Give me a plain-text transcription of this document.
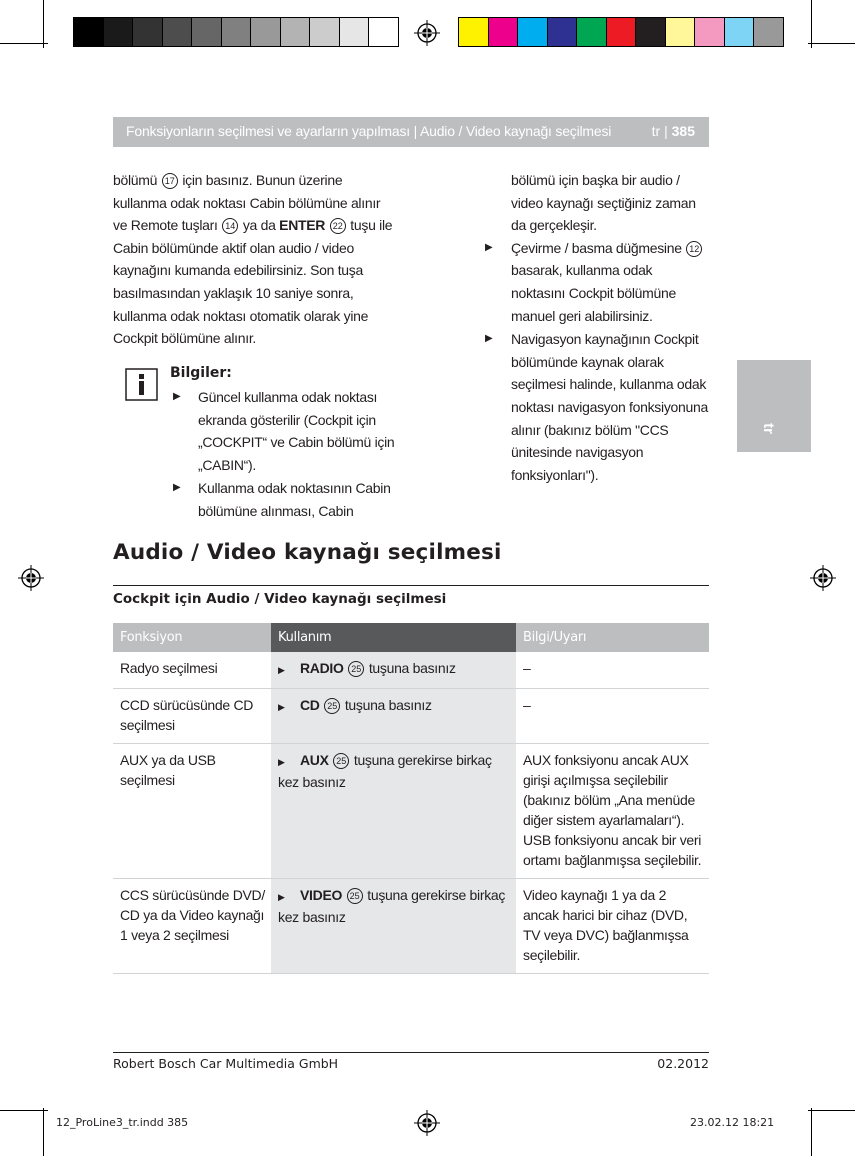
Fonksiyonların seçilmesi ve ayarların yapılması | Audio / Video kaynağı seçilmesi	tr | 385
bölümü 17 için basınız. Bunun üzerine
kullanma odak noktası Cabin bölümüne alınır
ve Remote tuşları 14 ya da ENTER 22 tuşu ile
Cabin bölümünde aktif olan audio / video
kaynağını kumanda edebilirsiniz. Son tuşa
basılmasından yaklaşık 10 saniye sonra,
kullanma odak noktası otomatik olarak yine
Cockpit bölümüne alınır.
Bilgiler:
▶ Güncel kullanma odak noktası
ekranda gösterilir (Cockpit için
„COCKPIT“ ve Cabin bölümü için
„CABIN“).
▶ Kullanma odak noktasının Cabin
bölümüne alınması, Cabin
bölümü için başka bir audio /
video kaynağı seçtiğiniz zaman
da gerçekleşir.
▶ Çevirme / basma düğmesine 12
basarak, kullanma odak
noktasını Cockpit bölümüne
manuel geri alabilirsiniz.
▶ Navigasyon kaynağının Cockpit
bölümünde kaynak olarak
seçilmesi halinde, kullanma odak
noktası navigasyon fonksiyonuna
alınır (bakınız bölüm "CCS
ünitesinde navigasyon
fonksiyonları").
tr
Audio / Video kaynağı seçilmesi
Cockpit için Audio / Video kaynağı seçilmesi
Fonksiyon	Kullanım	Bilgi/Uyarı
Radyo seçilmesi	▶ RADIO 25 tuşuna basınız	–
CCD sürücüsünde CD seçilmesi	▶ CD 25 tuşuna basınız	–
AUX ya da USB seçilmesi	▶ AUX 25 tuşuna gerekirse birkaç kez basınız	AUX fonksiyonu ancak AUX girişi açılmışsa seçilebilir (bakınız bölüm „Ana menüde diğer sistem ayarlamaları“). USB fonksiyonu ancak bir veri ortamı bağlanmışsa seçilebilir.
CCS sürücüsünde DVD/ CD ya da Video kaynağı 1 veya 2 seçilmesi	▶ VIDEO 25 tuşuna gerekirse birkaç kez basınız	Video kaynağı 1 ya da 2 ancak harici bir cihaz (DVD, TV veya DVC) bağlanmışsa seçilebilir.
Robert Bosch Car Multimedia GmbH	02.2012
12_ProLine3_tr.indd 385	23.02.12 18:21
